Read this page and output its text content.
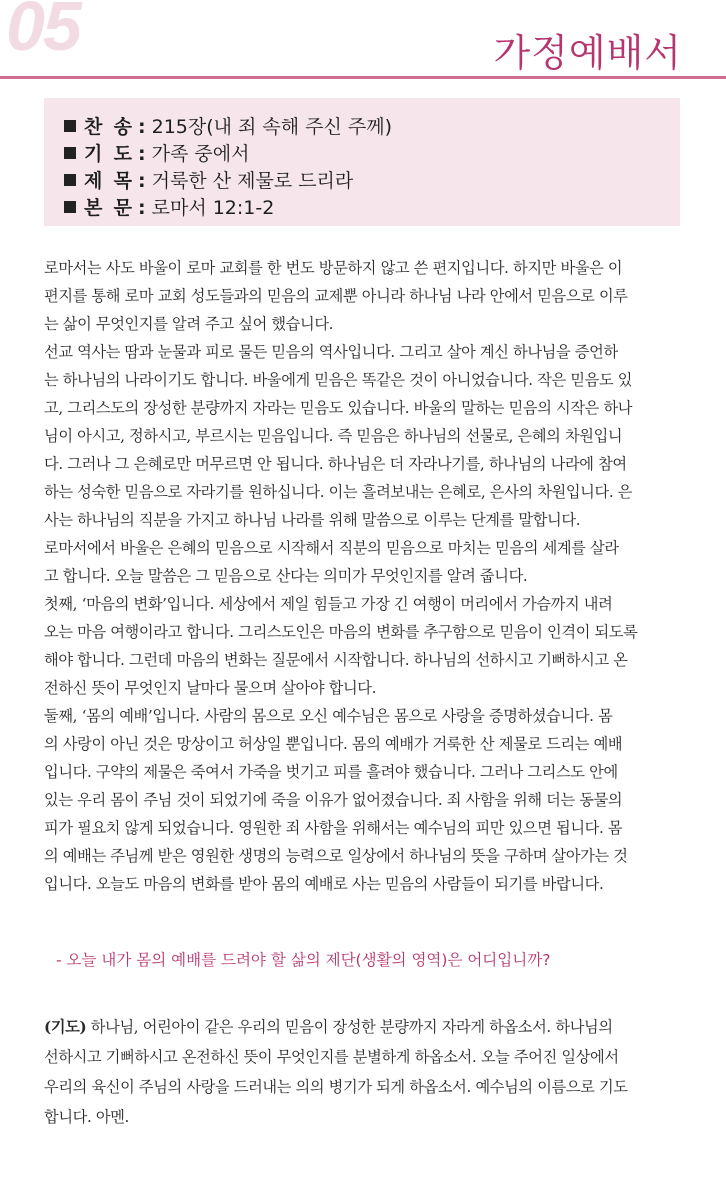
05	가정예배서
찬 송 : 215장(내 죄 속해 주신 주께)
기 도 : 가족 중에서
제 목 : 거룩한 산 제물로 드리라
본 문 : 로마서 12:1-2
로마서는 사도 바울이 로마 교회를 한 번도 방문하지 않고 쓴 편지입니다. 하지만 바울은 이
편지를 통해 로마 교회 성도들과의 믿음의 교제뿐 아니라 하나님 나라 안에서 믿음으로 이루
는 삶이 무엇인지를 알려 주고 싶어 했습니다.
선교 역사는 땀과 눈물과 피로 물든 믿음의 역사입니다. 그리고 살아 계신 하나님을 증언하
는 하나님의 나라이기도 합니다. 바울에게 믿음은 똑같은 것이 아니었습니다. 작은 믿음도 있
고, 그리스도의 장성한 분량까지 자라는 믿음도 있습니다. 바울의 말하는 믿음의 시작은 하나
님이 아시고, 정하시고, 부르시는 믿음입니다. 즉 믿음은 하나님의 선물로, 은혜의 차원입니
다. 그러나 그 은혜로만 머무르면 안 됩니다. 하나님은 더 자라나기를, 하나님의 나라에 참여
하는 성숙한 믿음으로 자라기를 원하십니다. 이는 흘려보내는 은혜로, 은사의 차원입니다. 은
사는 하나님의 직분을 가지고 하나님 나라를 위해 말씀으로 이루는 단계를 말합니다.
로마서에서 바울은 은혜의 믿음으로 시작해서 직분의 믿음으로 마치는 믿음의 세계를 살라
고 합니다. 오늘 말씀은 그 믿음으로 산다는 의미가 무엇인지를 알려 줍니다.
첫째, ‘마음의 변화’입니다. 세상에서 제일 힘들고 가장 긴 여행이 머리에서 가슴까지 내려
오는 마음 여행이라고 합니다. 그리스도인은 마음의 변화를 추구함으로 믿음이 인격이 되도록
해야 합니다. 그런데 마음의 변화는 질문에서 시작합니다. 하나님의 선하시고 기뻐하시고 온
전하신 뜻이 무엇인지 날마다 물으며 살아야 합니다.
둘째, ‘몸의 예배’입니다. 사람의 몸으로 오신 예수님은 몸으로 사랑을 증명하셨습니다. 몸
의 사랑이 아닌 것은 망상이고 허상일 뿐입니다. 몸의 예배가 거룩한 산 제물로 드리는 예배
입니다. 구약의 제물은 죽여서 가죽을 벗기고 피를 흘려야 했습니다. 그러나 그리스도 안에
있는 우리 몸이 주님 것이 되었기에 죽을 이유가 없어졌습니다. 죄 사함을 위해 더는 동물의
피가 필요치 않게 되었습니다. 영원한 죄 사함을 위해서는 예수님의 피만 있으면 됩니다. 몸
의 예배는 주님께 받은 영원한 생명의 능력으로 일상에서 하나님의 뜻을 구하며 살아가는 것
입니다. 오늘도 마음의 변화를 받아 몸의 예배로 사는 믿음의 사람들이 되기를 바랍니다.
- 오늘 내가 몸의 예배를 드려야 할 삶의 제단(생활의 영역)은 어디입니까?
(기도) 하나님, 어린아이 같은 우리의 믿음이 장성한 분량까지 자라게 하옵소서. 하나님의
선하시고 기뻐하시고 온전하신 뜻이 무엇인지를 분별하게 하옵소서. 오늘 주어진 일상에서
우리의 육신이 주님의 사랑을 드러내는 의의 병기가 되게 하옵소서. 예수님의 이름으로 기도
합니다. 아멘.
